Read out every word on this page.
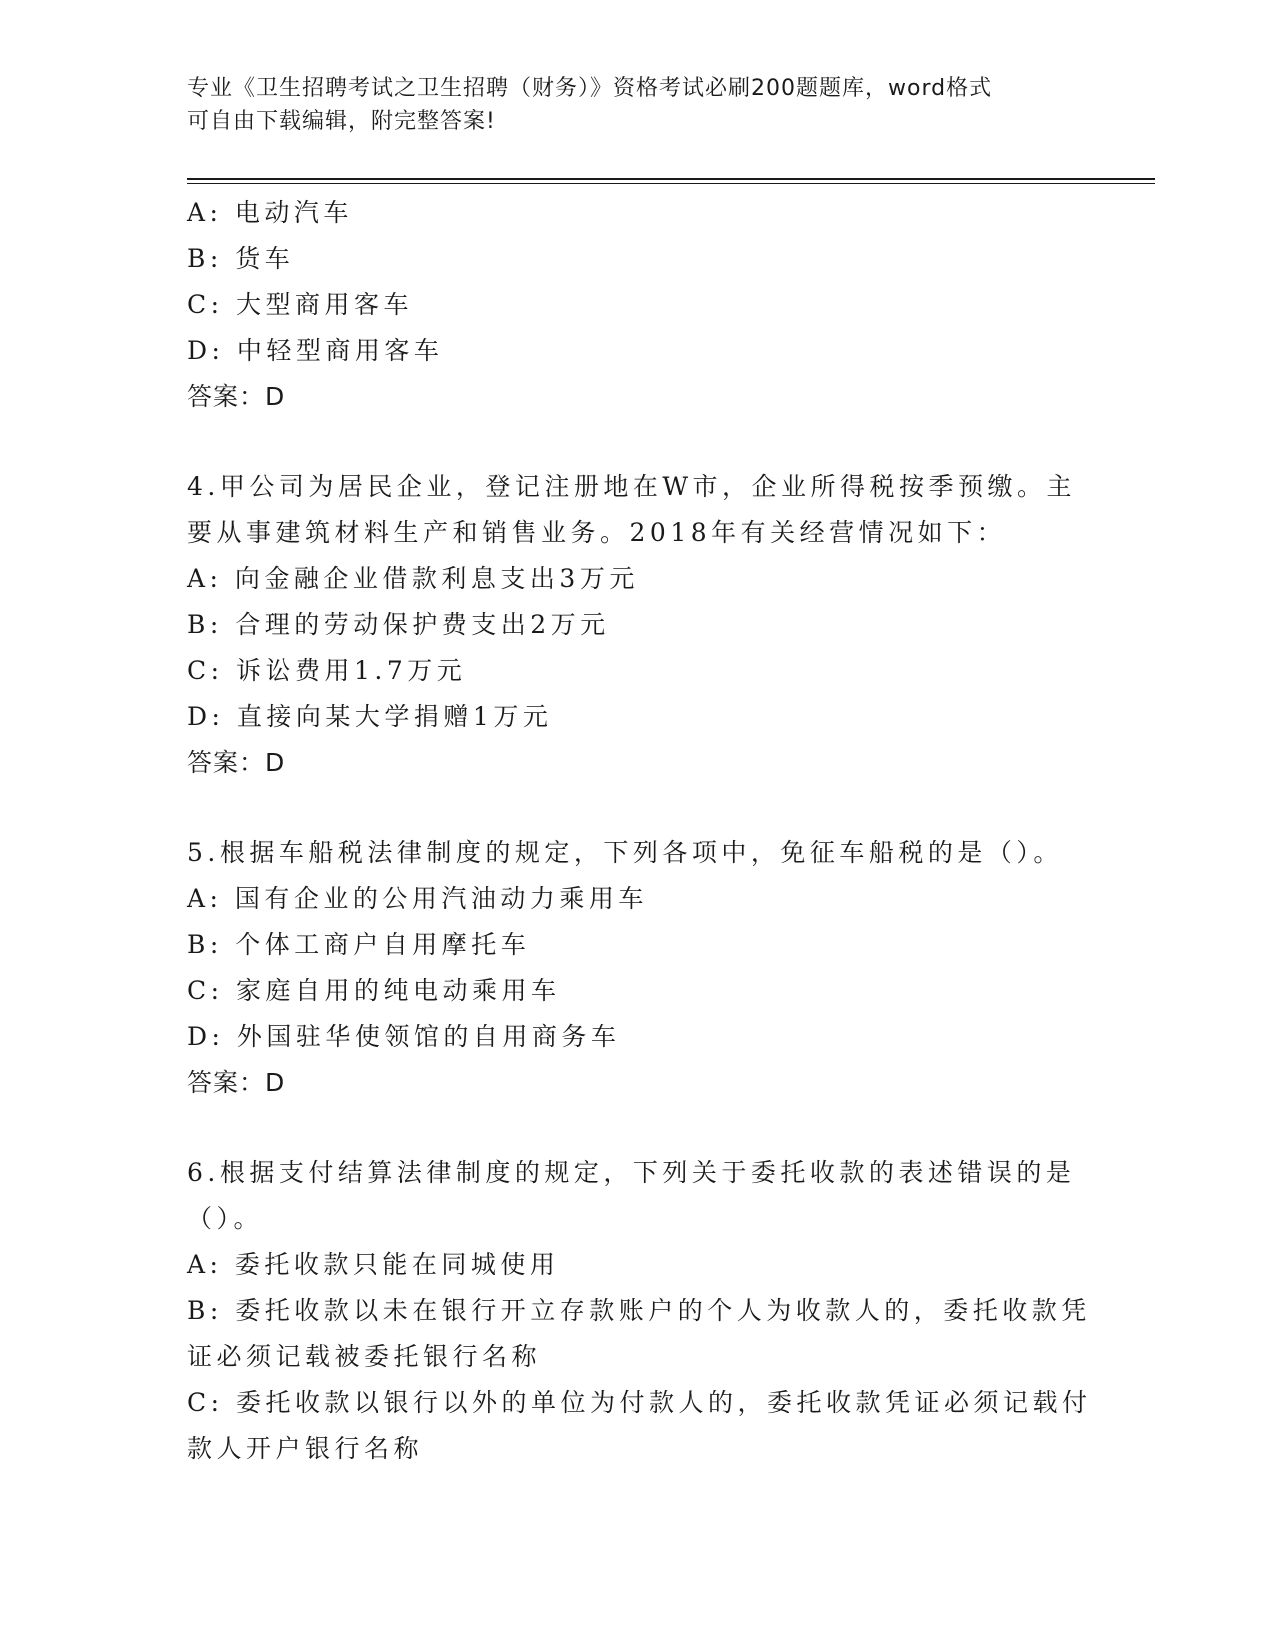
专业《卫生招聘考试之卫生招聘（财务）》资格考试必刷200题题库，word格式
可自由下载编辑，附完整答案!
A: 电动汽车
B: 货车
C: 大型商用客车
D: 中轻型商用客车
答案：D
4.甲公司为居民企业，登记注册地在W市，企业所得税按季预缴。主
要从事建筑材料生产和销售业务。2018年有关经营情况如下：
A: 向金融企业借款利息支出3万元
B: 合理的劳动保护费支出2万元
C: 诉讼费用1.7万元
D: 直接向某大学捐赠1万元
答案：D
5.根据车船税法律制度的规定，下列各项中，免征车船税的是（）。
A: 国有企业的公用汽油动力乘用车
B: 个体工商户自用摩托车
C: 家庭自用的纯电动乘用车
D: 外国驻华使领馆的自用商务车
答案：D
6.根据支付结算法律制度的规定，下列关于委托收款的表述错误的是
（）。
A: 委托收款只能在同城使用
B: 委托收款以未在银行开立存款账户的个人为收款人的，委托收款凭
证必须记载被委托银行名称
C: 委托收款以银行以外的单位为付款人的，委托收款凭证必须记载付
款人开户银行名称
